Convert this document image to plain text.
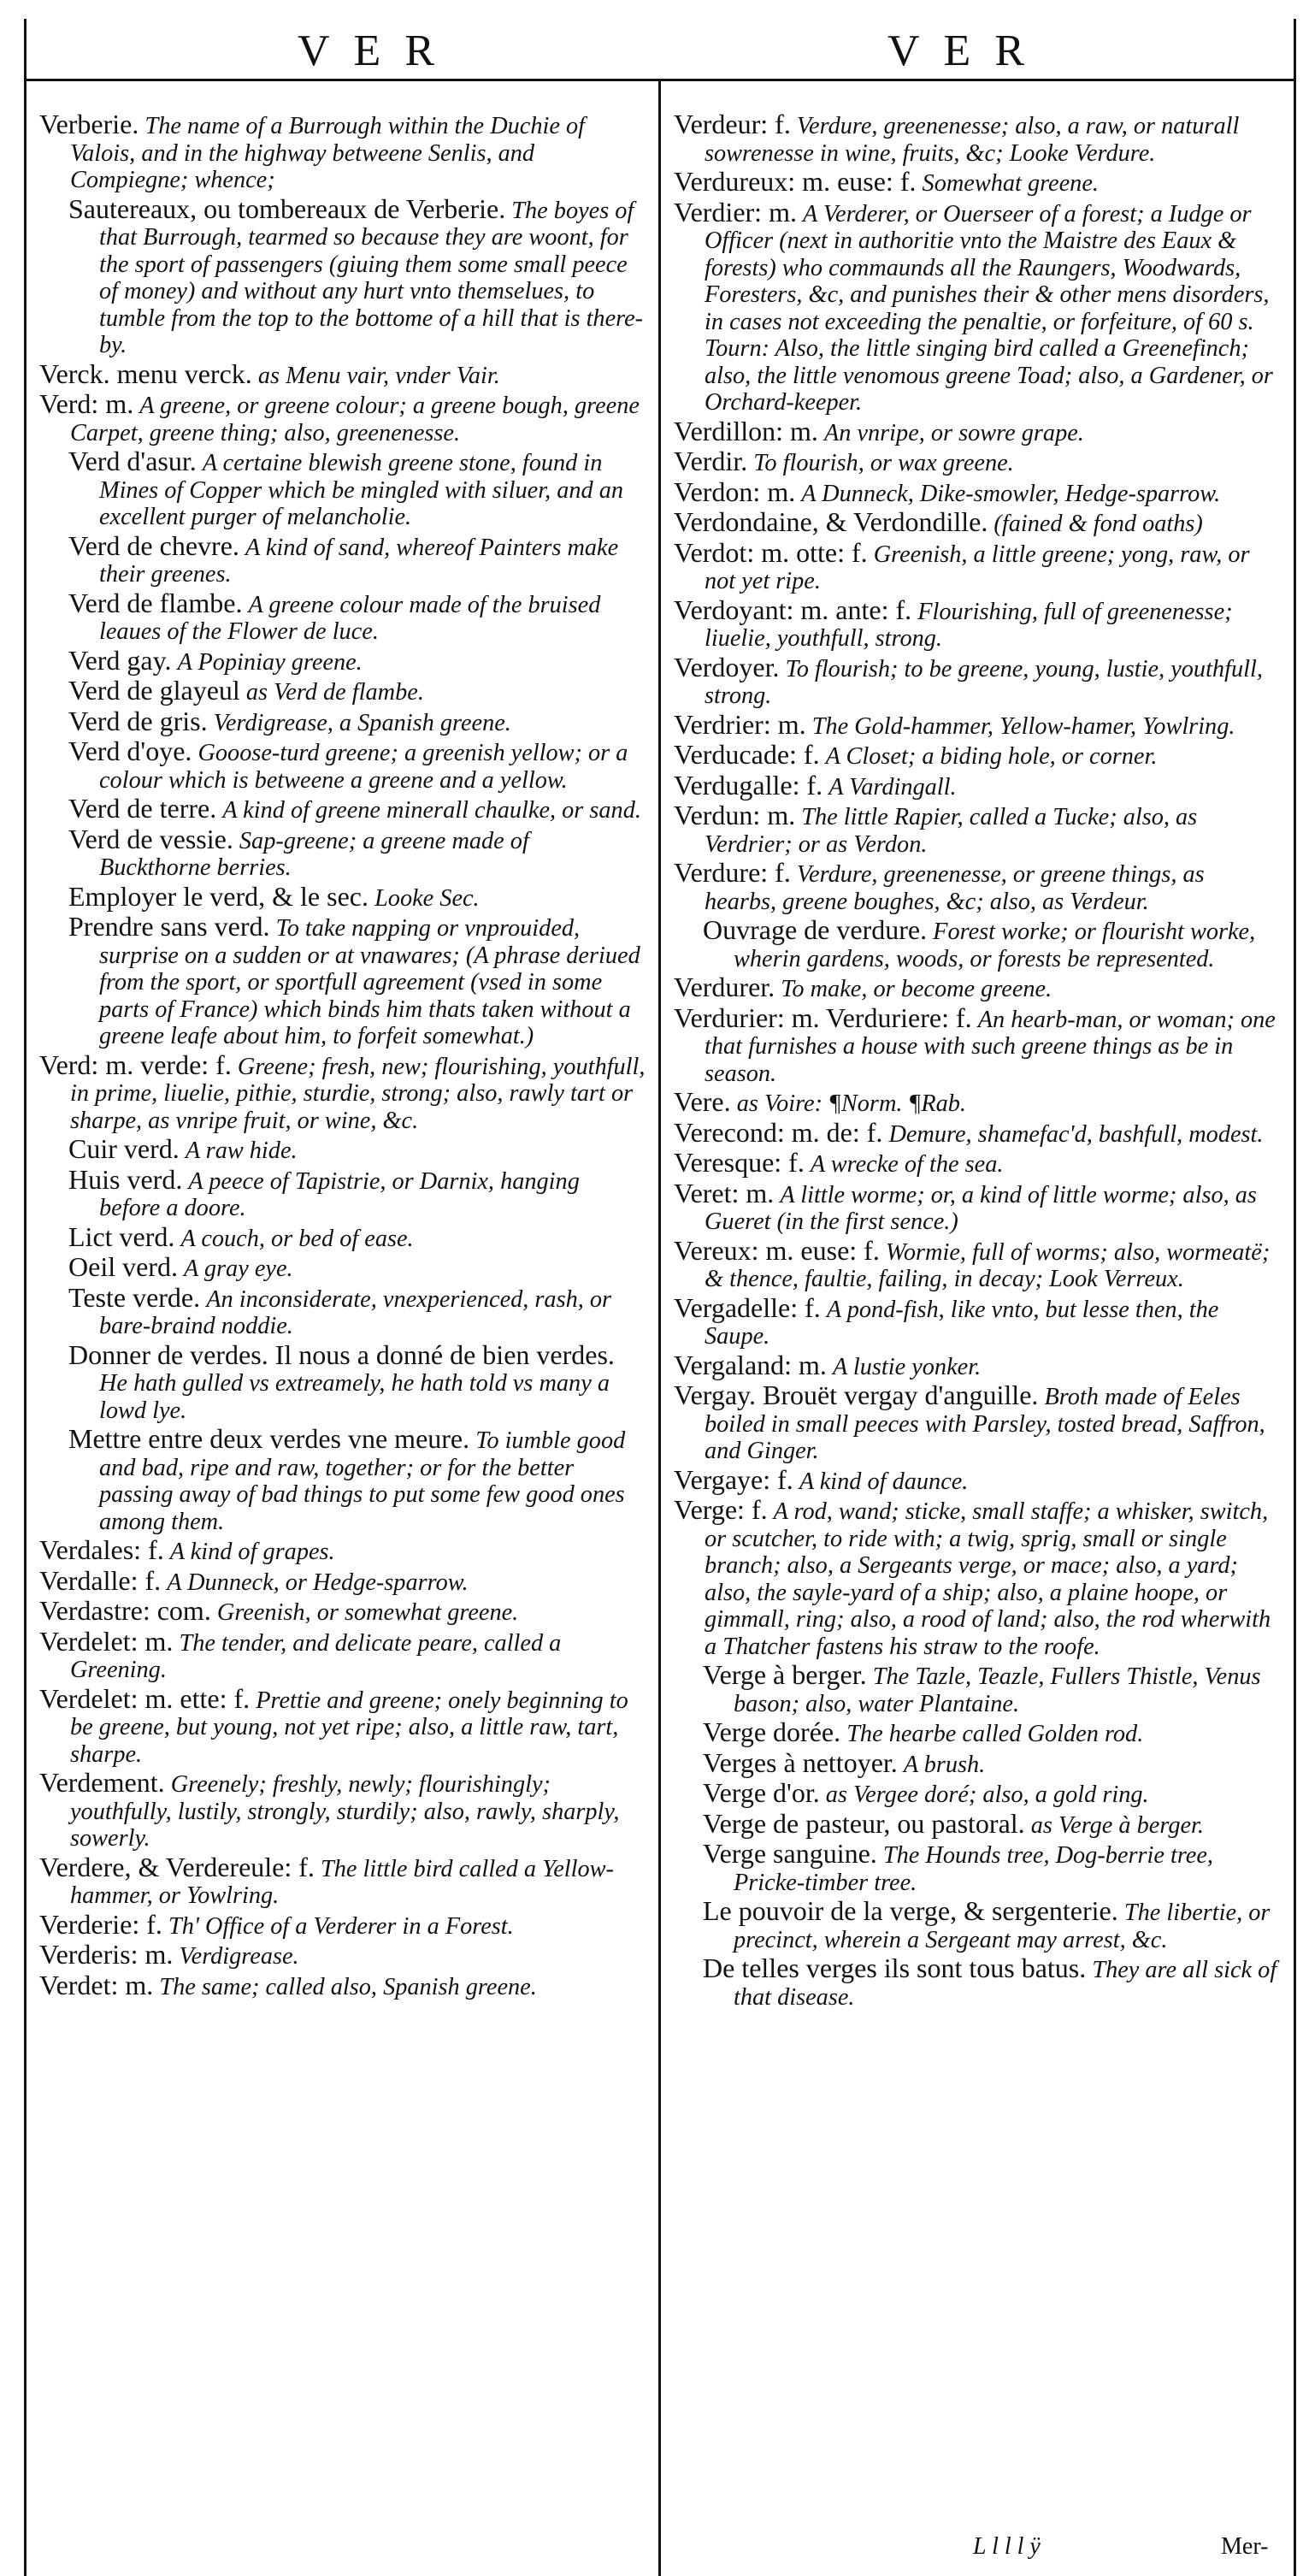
VER	VER

Verberie. The name of a Burrough within the Duchie of Valois, and in the highway betweene Senlis, and Compiegne; whence;

Sautereaux, ou tombereaux de Verberie. The boyes of that Burrough, tearmed so because they are woont, for the sport of passengers (giuing them some small peece of money) and without any hurt vnto themselues, to tumble from the top to the bottome of a hill that is there-by.

Verck. menu verck. as Menu vair, vnder Vair.

Verd: m. A greene, or greene colour; a greene bough, greene Carpet, greene thing; also, greenenesse.

Verd d'asur. A certaine blewish greene stone, found in Mines of Copper which be mingled with siluer, and an excellent purger of melancholie.

Verd de chevre. A kind of sand, whereof Painters make their greenes.

Verd de flambe. A greene colour made of the bruised leaues of the Flower de luce.

Verd gay. A Popiniay greene.

Verd de glayeul as Verd de flambe.

Verd de gris. Verdigrease, a Spanish greene.

Verd d'oye. Gooose-turd greene; a greenish yellow; or a colour which is betweene a greene and a yellow.

Verd de terre. A kind of greene minerall chaulke, or sand.

Verd de vessie. Sap-greene; a greene made of Buckthorne berries.

Employer le verd, & le sec. Looke Sec.

Prendre sans verd. To take napping or vnprouided, surprise on a sudden or at vnawares; (A phrase deriued from the sport, or sportfull agreement (vsed in some parts of France) which binds him thats taken without a greene leafe about him, to forfeit somewhat.)

Verd: m. verde: f. Greene; fresh, new; flourishing, youthfull, in prime, liuelie, pithie, sturdie, strong; also, rawly tart or sharpe, as vnripe fruit, or wine, &c.

Cuir verd. A raw hide.

Huis verd. A peece of Tapistrie, or Darnix, hanging before a doore.

Lict verd. A couch, or bed of ease.

Oeil verd. A gray eye.

Teste verde. An inconsiderate, vnexperienced, rash, or bare-braind noddie.

Donner de verdes. Il nous a donné de bien verdes. He hath gulled vs extreamely, he hath told vs many a lowd lye.

Mettre entre deux verdes vne meure. To iumble good and bad, ripe and raw, together; or for the better passing away of bad things to put some few good ones among them.

Verdales: f. A kind of grapes.

Verdalle: f. A Dunneck, or Hedge-sparrow.

Verdastre: com. Greenish, or somewhat greene.

Verdelet: m. The tender, and delicate peare, called a Greening.

Verdelet: m. ette: f. Prettie and greene; onely beginning to be greene, but young, not yet ripe; also, a little raw, tart, sharpe.

Verdement. Greenely; freshly, newly; flourishingly; youthfully, lustily, strongly, sturdily; also, rawly, sharply, sowerly.

Verdere, & Verdereule: f. The little bird called a Yellow-hammer, or Yowlring.

Verderie: f. Th' Office of a Verderer in a Forest.

Verderis: m. Verdigrease.

Verdet: m. The same; called also, Spanish greene.

Verdeur: f. Verdure, greenenesse; also, a raw, or naturall sowrenesse in wine, fruits, &c; Looke Verdure.

Verdureux: m. euse: f. Somewhat greene.

Verdier: m. A Verderer, or Ouerseer of a forest; a Iudge or Officer (next in authoritie vnto the Maistre des Eaux & forests) who commaunds all the Raungers, Woodwards, Foresters, &c, and punishes their & other mens disorders, in cases not exceeding the penaltie, or forfeiture, of 60 s. Tourn: Also, the little singing bird called a Greenefinch; also, the little venomous greene Toad; also, a Gardener, or Orchard-keeper.

Verdillon: m. An vnripe, or sowre grape.

Verdir. To flourish, or wax greene.

Verdon: m. A Dunneck, Dike-smowler, Hedge-sparrow.

Verdondaine, & Verdondille. (fained & fond oaths)

Verdot: m. otte: f. Greenish, a little greene; yong, raw, or not yet ripe.

Verdoyant: m. ante: f. Flourishing, full of greenenesse; liuelie, youthfull, strong.

Verdoyer. To flourish; to be greene, young, lustie, youthfull, strong.

Verdrier: m. The Gold-hammer, Yellow-hamer, Yowlring.

Verducade: f. A Closet; a biding hole, or corner.

Verdugalle: f. A Vardingall.

Verdun: m. The little Rapier, called a Tucke; also, as Verdrier; or as Verdon.

Verdure: f. Verdure, greenenesse, or greene things, as hearbs, greene boughes, &c; also, as Verdeur.

Ouvrage de verdure. Forest worke; or flourisht worke, wherin gardens, woods, or forests be represented.

Verdurer. To make, or become greene.

Verdurier: m. Verduriere: f. An hearb-man, or woman; one that furnishes a house with such greene things as be in season.

Vere. as Voire: ¶Norm. ¶Rab.

Verecond: m. de: f. Demure, shamefac'd, bashfull, modest.

Veresque: f. A wrecke of the sea.

Veret: m. A little worme; or, a kind of little worme; also, as Gueret (in the first sence.)

Vereux: m. euse: f. Wormie, full of worms; also, wormeatë; & thence, faultie, failing, in decay; Look Verreux.

Vergadelle: f. A pond-fish, like vnto, but lesse then, the Saupe.

Vergaland: m. A lustie yonker.

Vergay. Brouët vergay d'anguille. Broth made of Eeles boiled in small peeces with Parsley, tosted bread, Saffron, and Ginger.

Vergaye: f. A kind of daunce.

Verge: f. A rod, wand; sticke, small staffe; a whisker, switch, or scutcher, to ride with; a twig, sprig, small or single branch; also, a Sergeants verge, or mace; also, a yard; also, the sayle-yard of a ship; also, a plaine hoope, or gimmall, ring; also, a rood of land; also, the rod wherwith a Thatcher fastens his straw to the roofe.

Verge à berger. The Tazle, Teazle, Fullers Thistle, Venus bason; also, water Plantaine.

Verge dorée. The hearbe called Golden rod.

Verges à nettoyer. A brush.

Verge d'or. as Vergee doré; also, a gold ring.

Verge de pasteur, ou pastoral. as Verge à berger.

Verge sanguine. The Hounds tree, Dog-berrie tree, Pricke-timber tree.

Le pouvoir de la verge, & sergenterie. The libertie, or precinct, wherein a Sergeant may arrest, &c.

De telles verges ils sont tous batus. They are all sick of that disease.

L l l l ÿ	Mer-
